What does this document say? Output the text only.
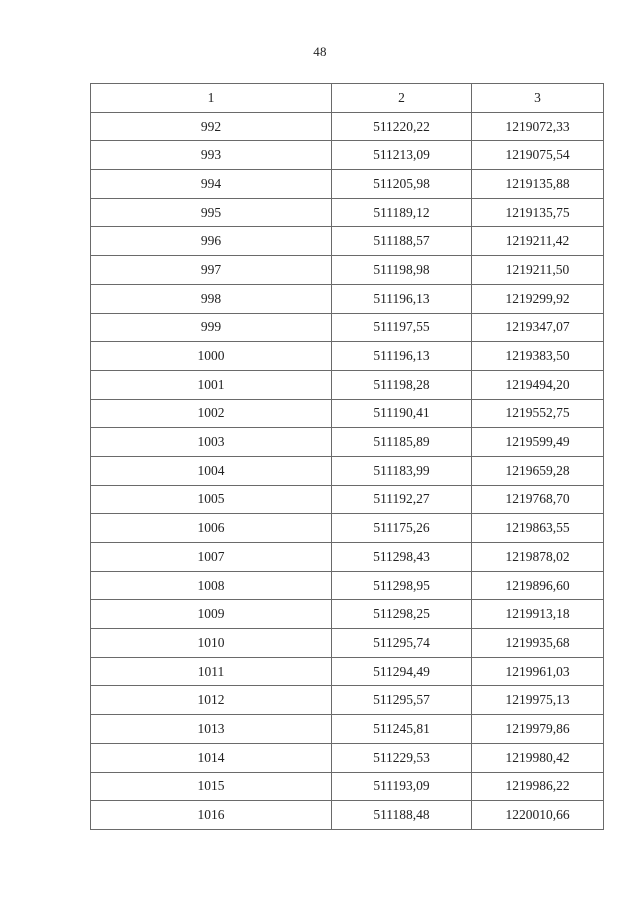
48
1	2	3
992	511220,22	1219072,33
993	511213,09	1219075,54
994	511205,98	1219135,88
995	511189,12	1219135,75
996	511188,57	1219211,42
997	511198,98	1219211,50
998	511196,13	1219299,92
999	511197,55	1219347,07
1000	511196,13	1219383,50
1001	511198,28	1219494,20
1002	511190,41	1219552,75
1003	511185,89	1219599,49
1004	511183,99	1219659,28
1005	511192,27	1219768,70
1006	511175,26	1219863,55
1007	511298,43	1219878,02
1008	511298,95	1219896,60
1009	511298,25	1219913,18
1010	511295,74	1219935,68
1011	511294,49	1219961,03
1012	511295,57	1219975,13
1013	511245,81	1219979,86
1014	511229,53	1219980,42
1015	511193,09	1219986,22
1016	511188,48	1220010,66
